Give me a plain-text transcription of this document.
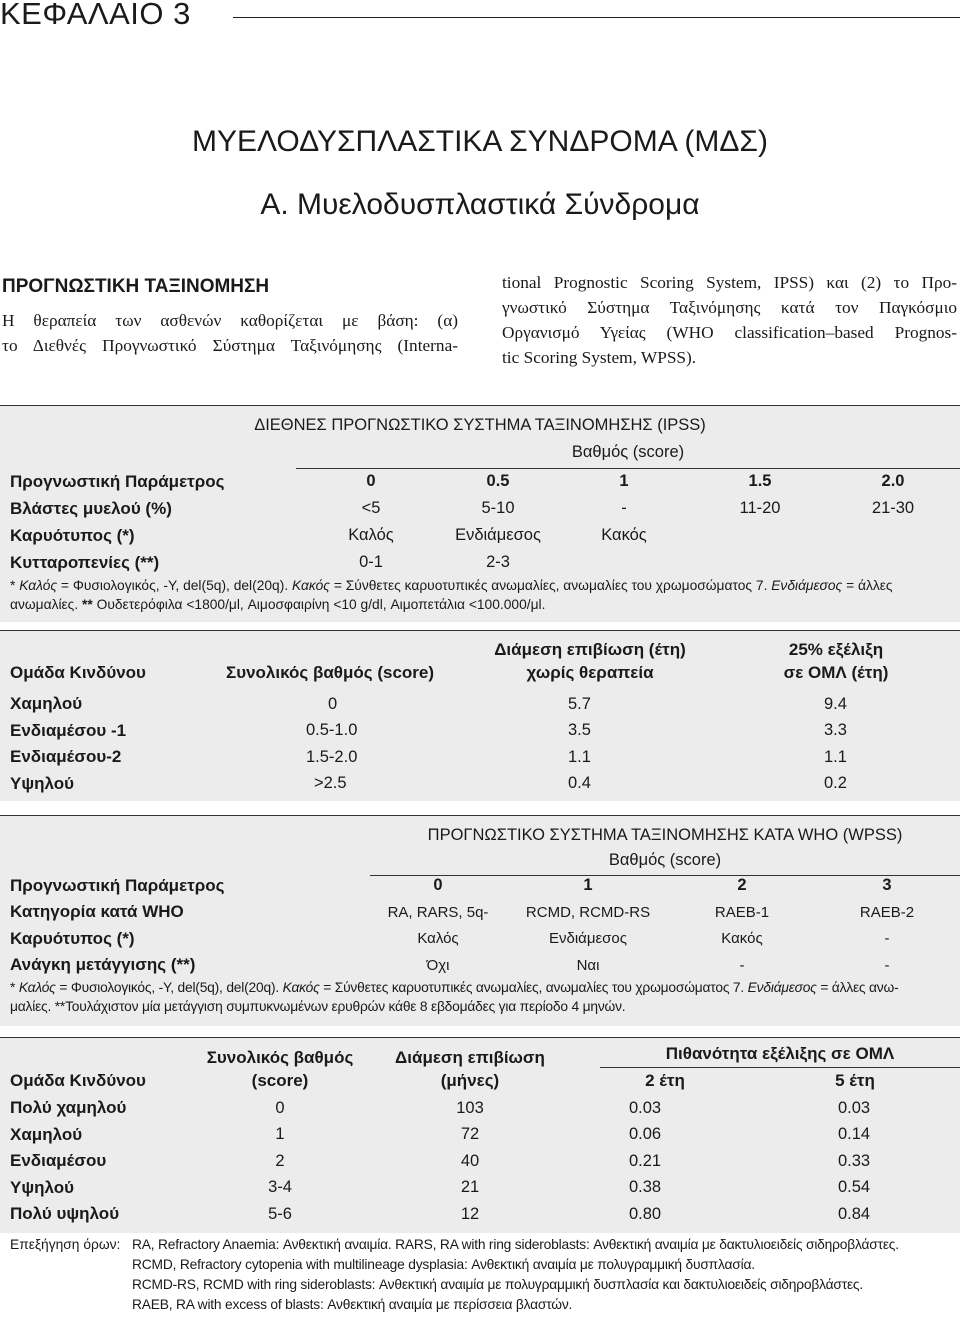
ΚΕΦΑΛΑΙΟ 3
ΜΥΕΛΟΔΥΣΠΛΑΣΤΙΚΑ ΣΥΝΔΡΟΜΑ (ΜΔΣ)
Α. Μυελοδυσπλαστικά Σύνδρομα
ΠΡΟΓΝΩΣΤΙΚΗ ΤΑΞΙΝΟΜΗΣΗ
Η θεραπεία των ασθενών καθορίζεται με βάση: (α)
το Διεθνές Προγνωστικό Σύστημα Ταξινόμησης (Interna-
tional Prognostic Scoring System, IPSS) και (2) το Προ-
γνωστικό Σύστημα Ταξινόμησης κατά τον Παγκόσμιο
Οργανισμό Υγείας (WHO classification–based Prognos-
tic Scoring System, WPSS).
ΔΙΕΘΝΕΣ ΠΡΟΓΝΩΣΤΙΚΟ ΣΥΣΤΗΜΑ ΤΑΞΙΝΟΜΗΣΗΣ (IPSS)
Βαθμός (score)
Προγνωστική Παράμετρος	0	0.5	1	1.5	2.0
Βλάστες μυελού (%)	<5	5-10	-	11-20	21-30
Καρυότυπος (*)	Καλός	Ενδιάμεσος	Κακός		
Κυτταροπενίες (**)	0-1	2-3			
* Καλός = Φυσιολογικός, -Y, del(5q), del(20q). Κακός = Σύνθετες καρυοτυπικές ανωμαλίες, ανωμαλίες του χρωμοσώματος 7. Ενδιάμεσος = άλλες ανωμαλίες. ** Ουδετερόφιλα <1800/μl, Αιμοσφαιρίνη <10 g/dl, Αιμοπετάλια <100.000/μl.
Ομάδα Κινδύνου	Συνολικός βαθμός (score)
Διάμεση επιβίωση (έτη)
χωρίς θεραπεία
25% εξέλιξη
σε ΟΜΛ (έτη)
Χαμηλού	0	5.7	9.4
Ενδιαμέσου -1	0.5-1.0	3.5	3.3
Ενδιαμέσου-2	1.5-2.0	1.1	1.1
Υψηλού	>2.5	0.4	0.2
ΠΡΟΓΝΩΣΤΙΚΟ ΣΥΣΤΗΜΑ ΤΑΞΙΝΟΜΗΣΗΣ ΚΑΤΑ WHO (WPSS)
Βαθμός (score)
Προγνωστική Παράμετρος	0	1	2	3
Κατηγορία κατά WHO	RA, RARS, 5q-	RCMD, RCMD-RS	RAEB-1	RAEB-2
Καρυότυπος (*)	Καλός	Ενδιάμεσος	Κακός	-
Ανάγκη μετάγγισης (**)	Όχι	Ναι	-	-
* Καλός = Φυσιολογικός, -Y, del(5q), del(20q). Κακός = Σύνθετες καρυοτυπικές ανωμαλίες, ανωμαλίες του χρωμοσώματος 7. Ενδιάμεσος = άλλες ανω-
μαλίες. **Τουλάχιστον μία μετάγγιση συμπυκνωμένων ερυθρών κάθε 8 εβδομάδες για περίοδο 4 μηνών.
Ομάδα Κινδύνου
Συνολικός βαθμός
(score)
Διάμεση επιβίωση
(μήνες)
Πιθανότητα εξέλιξης σε ΟΜΛ
2 έτη	5 έτη
Πολύ χαμηλού	0	103	0.03	0.03
Χαμηλού	1	72	0.06	0.14
Ενδιαμέσου	2	40	0.21	0.33
Υψηλού	3-4	21	0.38	0.54
Πολύ υψηλού	5-6	12	0.80	0.84
Επεξήγηση όρων: RA, Refractory Anaemia: Ανθεκτική αναιμία. RARS, RA with ring sideroblasts: Ανθεκτική αναιμία με δακτυλιοειδείς σιδηροβλάστες.
RCMD, Refractory cytopenia with multilineage dysplasia: Ανθεκτική αναιμία με πολυγραμμική δυσπλασία.
RCMD-RS, RCMD with ring sideroblasts: Ανθεκτική αναιμία με πολυγραμμική δυσπλασία και δακτυλιοειδείς σιδηροβλάστες.
RAEB, RA with excess of blasts: Ανθεκτική αναιμία με περίσσεια βλαστών.
